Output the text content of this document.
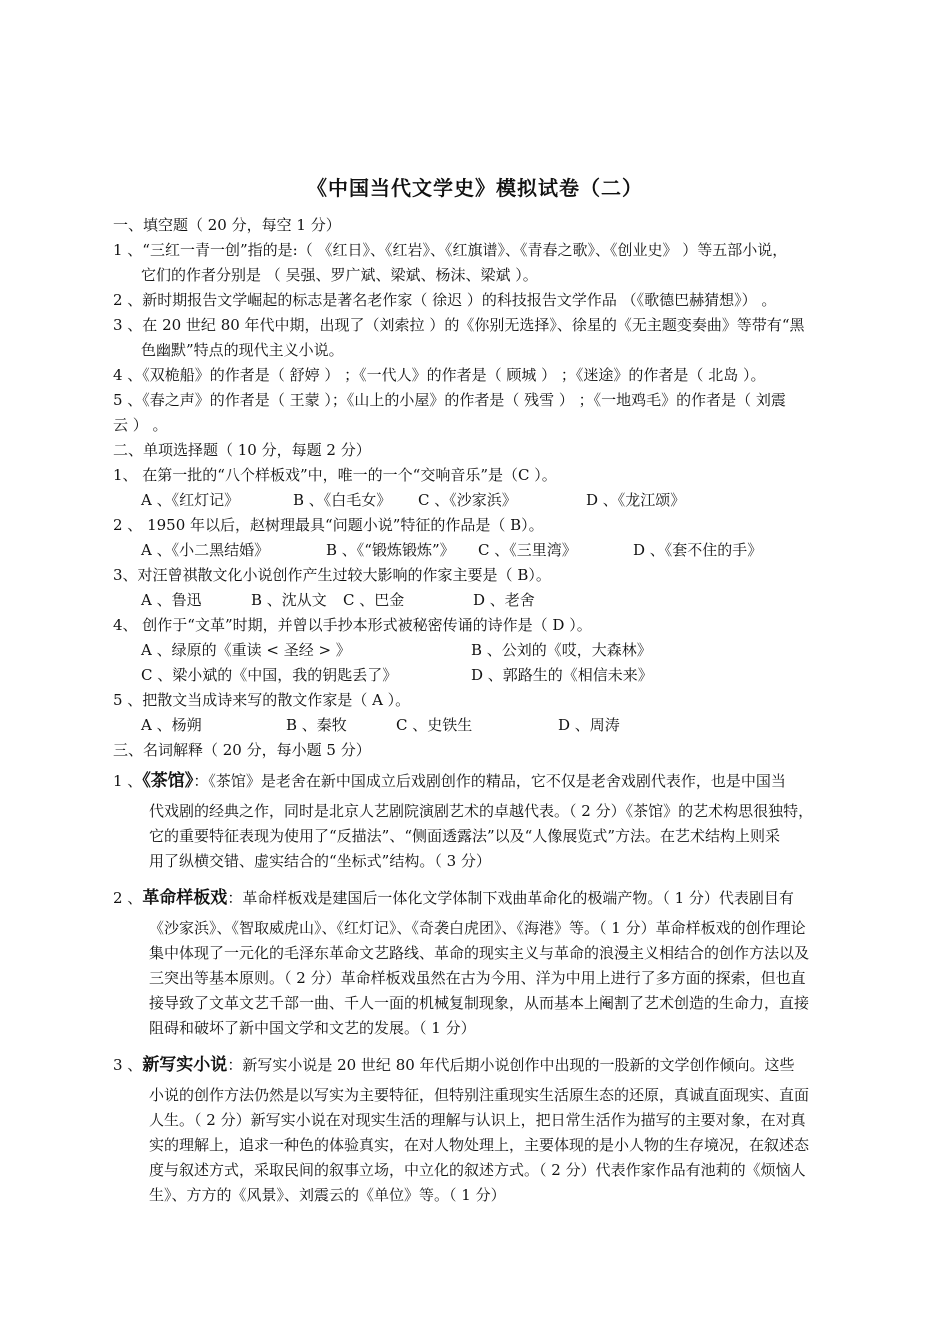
《中国当代文学史》模拟试卷（二）
一、填空题（ 20 分，每空 1 分）
1 、“三红一青一创”指的是:（ 《红日》、《红岩》、《红旗谱》、《青春之歌》、《创业史》 ）等五部小说，
它们的作者分别是 （ 吴强、罗广斌、梁斌、杨沫、梁斌 ）。
2 、新时期报告文学崛起的标志是著名老作家（ 徐迟 ）的科技报告文学作品 （《歌德巴赫猜想》） 。
3 、在 20 世纪 80 年代中期，出现了（刘索拉 ）的《你别无选择》、徐星的《无主题变奏曲》等带有“黑
色幽默”特点的现代主义小说。
4 、《双桅船》的作者是（ 舒婷 ） ；《一代人》的作者是（ 顾城 ） ；《迷途》的作者是（ 北岛 ）。
5 、《春之声》的作者是（ 王蒙 ）；《山上的小屋》的作者是（ 残雪 ） ；《一地鸡毛》的作者是（ 刘震
云 ） 。
二、单项选择题（ 10 分，每题 2 分）
1、 在第一批的“八个样板戏”中，唯一的一个“交响音乐”是（C ）。
A 、《红灯记》	B 、《白毛女》 C 、《沙家浜》	D 、《龙江颂》
2 、 1950 年以后，赵树理最具“问题小说”特征的作品是（ B）。
A 、《小二黑结婚》	B 、《“锻炼锻炼”》 C 、《三里湾》	D 、《套不住的手》
3、对汪曾祺散文化小说创作产生过较大影响的作家主要是（ B）。
A 、鲁迅	B 、沈从文 C 、巴金	D 、老舍
4、 创作于“文革”时期，并曾以手抄本形式被秘密传诵的诗作是（ D ）。
A 、绿原的《重读 < 圣经 > 》	B 、公刘的《哎，大森林》
C 、梁小斌的《中国，我的钥匙丢了》	D 、郭路生的《相信未来》
5 、把散文当成诗来写的散文作家是（ A ）。
A 、杨朔	B 、秦牧	C 、史铁生	D 、周涛
三、名词解释（ 20 分，每小题 5 分）
1 、《茶馆》：《茶馆》是老舍在新中国成立后戏剧创作的精品，它不仅是老舍戏剧代表作，也是中国当
代戏剧的经典之作，同时是北京人艺剧院演剧艺术的卓越代表。（ 2 分）《茶馆》的艺术构思很独特，
它的重要特征表现为使用了“反描法”、“侧面透露法”以及“人像展览式”方法。在艺术结构上则采
用了纵横交错、虚实结合的“坐标式”结构。（ 3 分）
2 、革命样板戏：革命样板戏是建国后一体化文学体制下戏曲革命化的极端产物。（ 1 分）代表剧目有
《沙家浜》、《智取威虎山》、《红灯记》、《奇袭白虎团》、《海港》等。（ 1 分）革命样板戏的创作理论
集中体现了一元化的毛泽东革命文艺路线、革命的现实主义与革命的浪漫主义相结合的创作方法以及
三突出等基本原则。（ 2 分）革命样板戏虽然在古为今用、洋为中用上进行了多方面的探索，但也直
接导致了文革文艺千部一曲、千人一面的机械复制现象，从而基本上阉割了艺术创造的生命力，直接
阻碍和破坏了新中国文学和文艺的发展。（ 1 分）
3 、新写实小说：新写实小说是 20 世纪 80 年代后期小说创作中出现的一股新的文学创作倾向。这些
小说的创作方法仍然是以写实为主要特征，但特别注重现实生活原生态的还原，真诚直面现实、直面
人生。（ 2 分）新写实小说在对现实生活的理解与认识上，把日常生活作为描写的主要对象，在对真
实的理解上，追求一种色的体验真实，在对人物处理上，主要体现的是小人物的生存境况，在叙述态
度与叙述方式，采取民间的叙事立场，中立化的叙述方式。（ 2 分）代表作家作品有池莉的《烦恼人
生》、方方的《风景》、刘震云的《单位》等。（ 1 分）
